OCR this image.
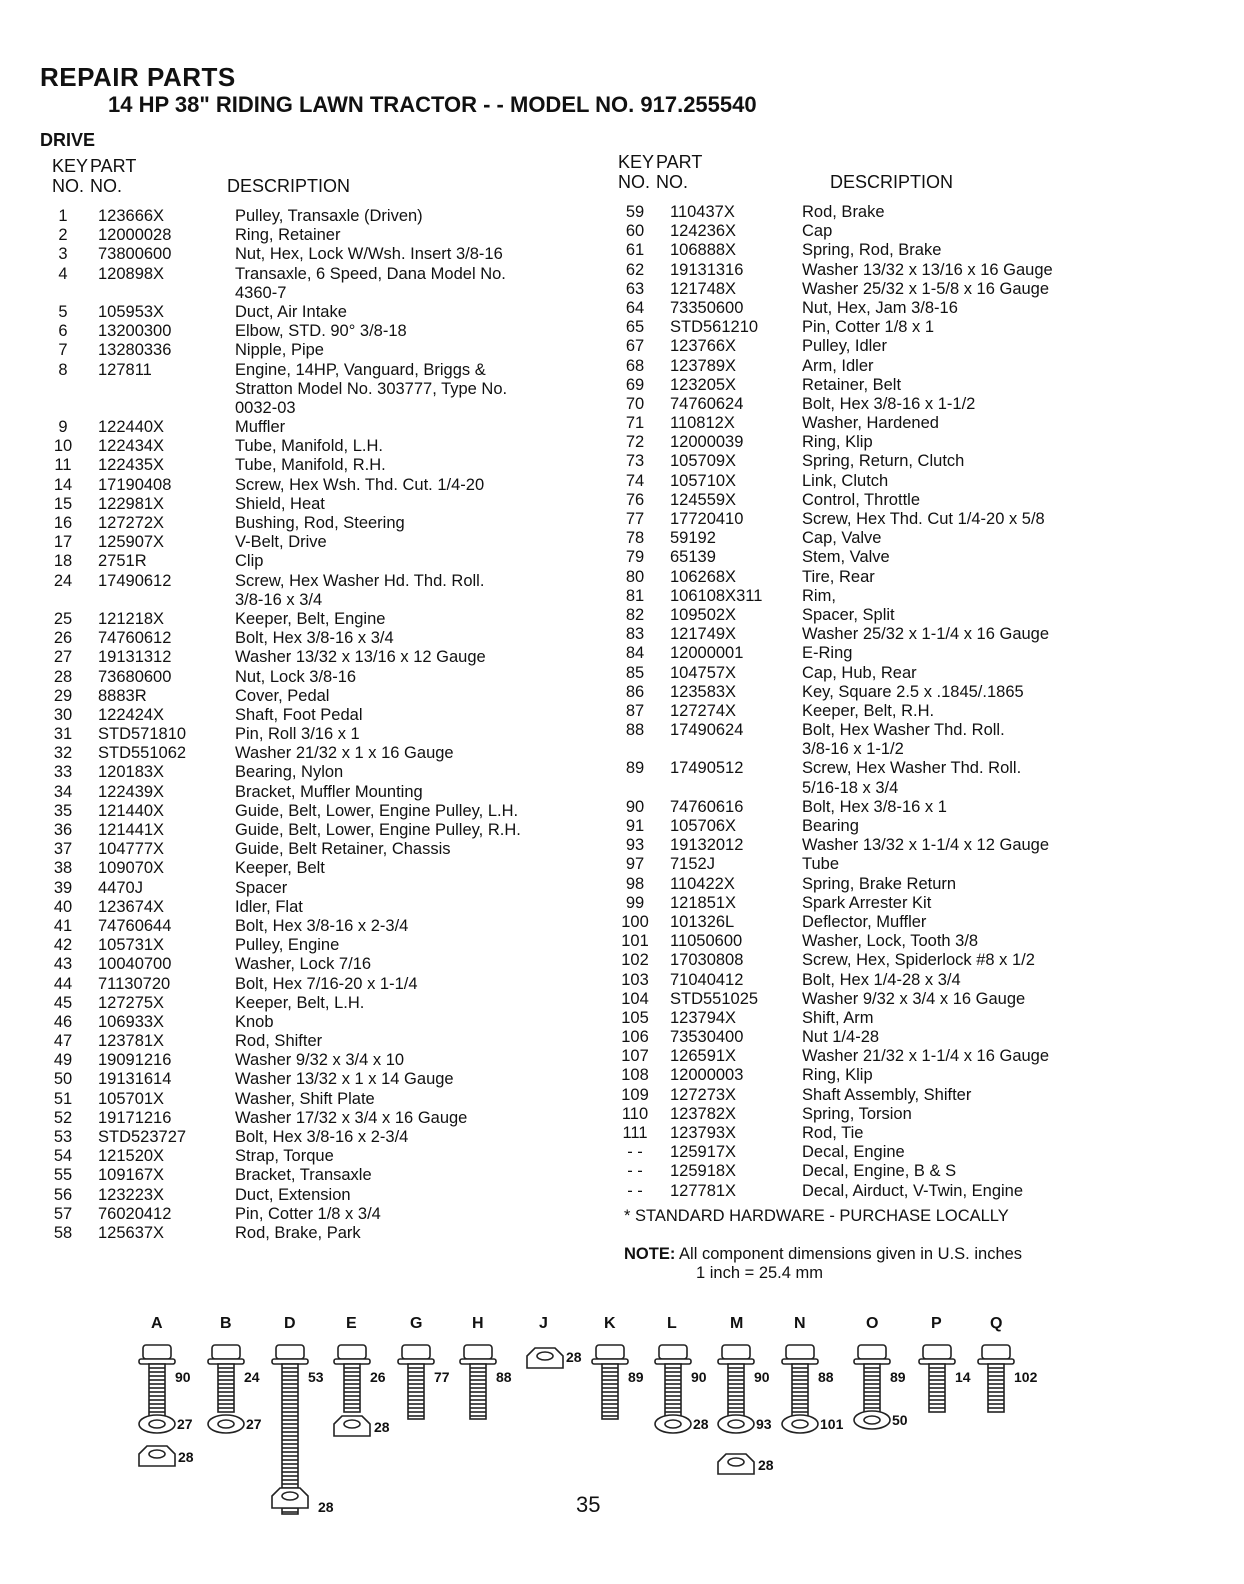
REPAIR PARTS
14 HP 38" RIDING LAWN TRACTOR - - MODEL NO. 917.255540
DRIVE
KEY
NO.
PART
NO.	DESCRIPTION
KEY
NO.
PART
NO.	DESCRIPTION
1	123666X	Pulley, Transaxle (Driven)
2	12000028	Ring, Retainer
3	73800600	Nut, Hex, Lock W/Wsh. Insert 3/8-16
4	120898X	Transaxle, 6 Speed, Dana Model No.
4360-7
5	105953X	Duct, Air Intake
6	13200300	Elbow, STD. 90° 3/8-18
7	13280336	Nipple, Pipe
8	127811	Engine, 14HP, Vanguard, Briggs &
Stratton Model No. 303777, Type No.
0032-03
9	122440X	Muffler
10	122434X	Tube, Manifold, L.H.
11	122435X	Tube, Manifold, R.H.
14	17190408	Screw, Hex Wsh. Thd. Cut. 1/4-20
15	122981X	Shield, Heat
16	127272X	Bushing, Rod, Steering
17	125907X	V-Belt, Drive
18	2751R	Clip
24	17490612	Screw, Hex Washer Hd. Thd. Roll.
3/8-16 x 3/4
25	121218X	Keeper, Belt, Engine
26	74760612	Bolt, Hex 3/8-16 x 3/4
27	19131312	Washer 13/32 x 13/16 x 12 Gauge
28	73680600	Nut, Lock 3/8-16
29	8883R	Cover, Pedal
30	122424X	Shaft, Foot Pedal
31	STD571810	Pin, Roll 3/16 x 1
32	STD551062	Washer 21/32 x 1 x 16 Gauge
33	120183X	Bearing, Nylon
34	122439X	Bracket, Muffler Mounting
35	121440X	Guide, Belt, Lower, Engine Pulley, L.H.
36	121441X	Guide, Belt, Lower, Engine Pulley, R.H.
37	104777X	Guide, Belt Retainer, Chassis
38	109070X	Keeper, Belt
39	4470J	Spacer
40	123674X	Idler, Flat
41	74760644	Bolt, Hex 3/8-16 x 2-3/4
42	105731X	Pulley, Engine
43	10040700	Washer, Lock 7/16
44	71130720	Bolt, Hex 7/16-20 x 1-1/4
45	127275X	Keeper, Belt, L.H.
46	106933X	Knob
47	123781X	Rod, Shifter
49	19091216	Washer 9/32 x 3/4 x 10
50	19131614	Washer 13/32 x 1 x 14 Gauge
51	105701X	Washer, Shift Plate
52	19171216	Washer 17/32 x 3/4 x 16 Gauge
53	STD523727	Bolt, Hex 3/8-16 x 2-3/4
54	121520X	Strap, Torque
55	109167X	Bracket, Transaxle
56	123223X	Duct, Extension
57	76020412	Pin, Cotter 1/8 x 3/4
58	125637X	Rod, Brake, Park
59	110437X	Rod, Brake
60	124236X	Cap
61	106888X	Spring, Rod, Brake
62	19131316	Washer 13/32 x 13/16 x 16 Gauge
63	121748X	Washer 25/32 x 1-5/8 x 16 Gauge
64	73350600	Nut, Hex, Jam 3/8-16
65	STD561210	Pin, Cotter 1/8 x 1
67	123766X	Pulley, Idler
68	123789X	Arm, Idler
69	123205X	Retainer, Belt
70	74760624	Bolt, Hex 3/8-16 x 1-1/2
71	110812X	Washer, Hardened
72	12000039	Ring, Klip
73	105709X	Spring, Return, Clutch
74	105710X	Link, Clutch
76	124559X	Control, Throttle
77	17720410	Screw, Hex Thd. Cut 1/4-20 x 5/8
78	59192	Cap, Valve
79	65139	Stem, Valve
80	106268X	Tire, Rear
81	106108X311 Rim,
82	109502X	Spacer, Split
83	121749X	Washer 25/32 x 1-1/4 x 16 Gauge
84	12000001	E-Ring
85	104757X	Cap, Hub, Rear
86	123583X	Key, Square 2.5 x .1845/.1865
87	127274X	Keeper, Belt, R.H.
88	17490624	Bolt, Hex Washer Thd. Roll.
3/8-16 x 1-1/2
89	17490512	Screw, Hex Washer Thd. Roll.
5/16-18 x 3/4
90	74760616	Bolt, Hex 3/8-16 x 1
91	105706X	Bearing
93	19132012	Washer 13/32 x 1-1/4 x 12 Gauge
97	7152J	Tube
98	110422X	Spring, Brake Return
99	121851X	Spark Arrester Kit
100 101326L	Deflector, Muffler
101 11050600	Washer, Lock, Tooth 3/8
102 17030808	Screw, Hex, Spiderlock #8 x 1/2
103 71040412	Bolt, Hex 1/4-28 x 3/4
104 STD551025	Washer 9/32 x 3/4 x 16 Gauge
105 123794X	Shift, Arm
106 73530400	Nut 1/4-28
107 126591X	Washer 21/32 x 1-1/4 x 16 Gauge
108 12000003	Ring, Klip
109 127273X	Shaft Assembly, Shifter
110 123782X	Spring, Torsion
111 123793X	Rod, Tie
- -	125917X	Decal, Engine
- -	125918X	Decal, Engine, B & S
- -	127781X	Decal, Airduct, V-Twin, Engine
* STANDARD HARDWARE - PURCHASE LOCALLY
NOTE: All component dimensions given in U.S. inches
1 inch = 25.4 mm
A	B	D	E	G	H	J	K	L	M	N	O	P	Q
90	24	53	26	77	88	89	90	90	88	89	14	102
28
28
28
28
28
27	27	28	93	101	50
35
